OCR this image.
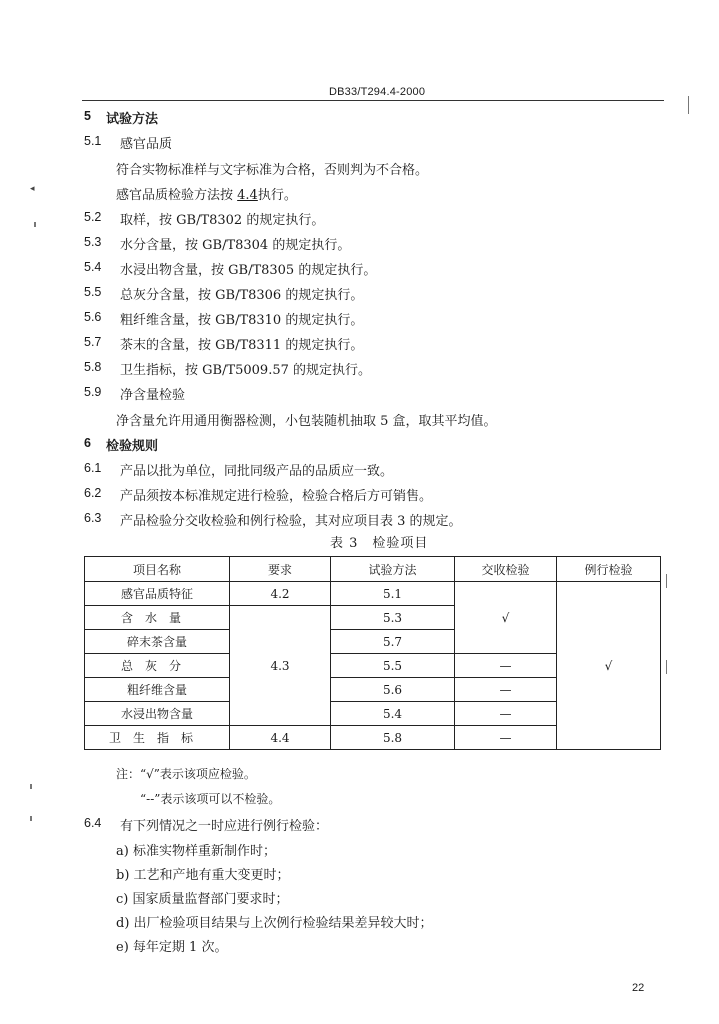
DB33/T294.4-2000
5 试验方法
5.1 感官品质
符合实物标准样与文字标准为合格，否则判为不合格。
感官品质检验方法按 4.4执行。
5.2 取样，按 GB/T8302 的规定执行。
5.3 水分含量，按 GB/T8304 的规定执行。
5.4 水浸出物含量，按 GB/T8305 的规定执行。
5.5 总灰分含量，按 GB/T8306 的规定执行。
5.6 粗纤维含量，按 GB/T8310 的规定执行。
5.7 茶末的含量，按 GB/T8311 的规定执行。
5.8 卫生指标，按 GB/T5009.57 的规定执行。
5.9 净含量检验
净含量允许用通用衡器检测，小包装随机抽取 5 盒，取其平均值。
6 检验规则
6.1 产品以批为单位，同批同级产品的品质应一致。
6.2 产品须按本标准规定进行检验，检验合格后方可销售。
6.3 产品检验分交收检验和例行检验，其对应项目表 3 的规定。
表 3　检验项目
项目名称	要求	试验方法	交收检验	例行检验
感官品质特征	4.2	5.1	√	√
含水量	4.3	5.3		
碎末茶含量		5.7		
总灰分		5.5	—	
粗纤维含量		5.6	—	
水浸出物含量		5.4	—	
卫生指标	4.4	5.8	—	
注：“√”表示该项应检验。
“--”表示该项可以不检验。
6.4 有下列情况之一时应进行例行检验：
a) 标准实物样重新制作时；
b) 工艺和产地有重大变更时；
c) 国家质量监督部门要求时；
d) 出厂检验项目结果与上次例行检验结果差异较大时；
e) 每年定期 1 次。
22
◂
